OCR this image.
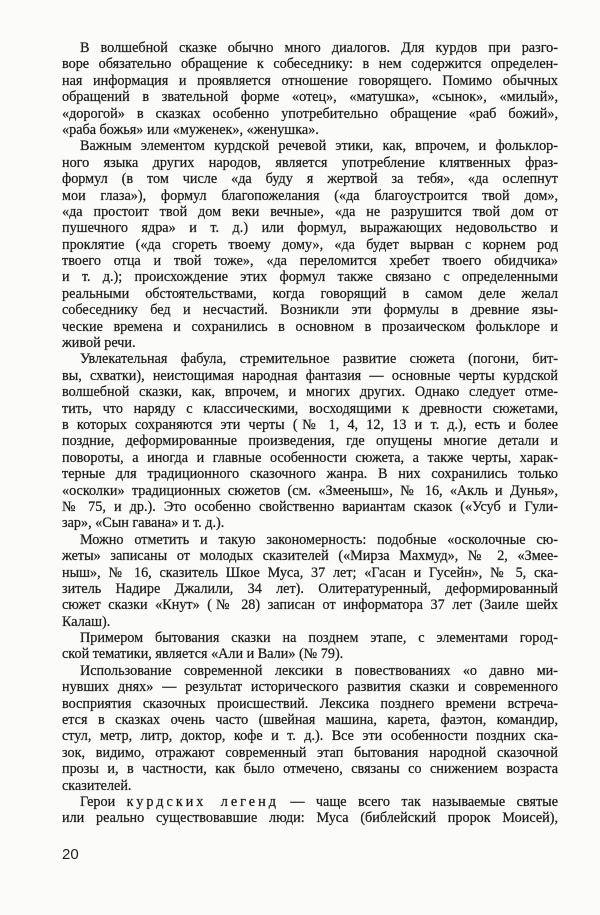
В волшебной сказке обычно много диалогов. Для курдов при разго-
воре обязательно обращение к собеседнику: в нем содержится определен-
ная информация и проявляется отношение говорящего. Помимо обычных
обращений в звательной форме «отец», «матушка», «сынок», «милый»,
«дорогой» в сказках особенно употребительно обращение «раб божий»,
«раба божья» или «муженек», «женушка».
Важным элементом курдской речевой этики, как, впрочем, и фольклор-
ного языка других народов, является употребление клятвенных фраз-
формул (в том числе «да буду я жертвой за тебя», «да ослепнут
мои глаза»), формул благопожелания («да благоустроится твой дом»,
«да простоит твой дом веки вечные», «да не разрушится твой дом от
пушечного ядра» и т. д.) или формул, выражающих недовольство и
проклятие («да сгореть твоему дому», «да будет вырван с корнем род
твоего отца и твой тоже», «да переломится хребет твоего обидчика»
и т. д.); происхождение этих формул также связано с определенными
реальными обстоятельствами, когда говорящий в самом деле желал
собеседнику бед и несчастий. Возникли эти формулы в древние язы-
ческие времена и сохранились в основном в прозаическом фольклоре и
живой речи.
Увлекательная фабула, стремительное развитие сюжета (погони, бит-
вы, схватки), неистощимая народная фантазия — основные черты курдской
волшебной сказки, как, впрочем, и многих других. Однако следует отме-
тить, что наряду с классическими, восходящими к древности сюжетами,
в которых сохраняются эти черты (№ 1, 4, 12, 13 и т. д.), есть и более
поздние, деформированные произведения, где опущены многие детали и
повороты, а иногда и главные особенности сюжета, а также черты, харак-
терные для традиционного сказочного жанра. В них сохранились только
«осколки» традиционных сюжетов (см. «Змееныш», № 16, «Акль и Дунья»,
№ 75, и др.). Это особенно свойственно вариантам сказок («Усуб и Гули-
зар», «Сын гавана» и т. д.).
Можно отметить и такую закономерность: подобные «осколочные сю-
жеты» записаны от молодых сказителей («Мирза Махмуд», № 2, «Змее-
ныш», № 16, сказитель Шкое Муса, 37 лет; «Гасан и Гусейн», № 5, ска-
зитель Надире Джалили, 34 лет). Олитературенный, деформированный
сюжет сказки «Кнут» (№ 28) записан от информатора 37 лет (Заиле шейх
Калаш).
Примером бытования сказки на позднем этапе, с элементами город-
ской тематики, является «Али и Вали» (№ 79).
Использование современной лексики в повествованиях «о давно ми-
нувших днях» — результат исторического развития сказки и современного
восприятия сказочных происшествий. Лексика позднего времени встреча-
ется в сказках очень часто (швейная машина, карета, фаэтон, командир,
стул, метр, литр, доктор, кофе и т. д.). Все эти особенности поздних ска-
зок, видимо, отражают современный этап бытования народной сказочной
прозы и, в частности, как было отмечено, связаны со снижением возраста
сказителей.
Герои курдских легенд — чаще всего так называемые святые
или реально существовавшие люди: Муса (библейский пророк Моисей),
20
